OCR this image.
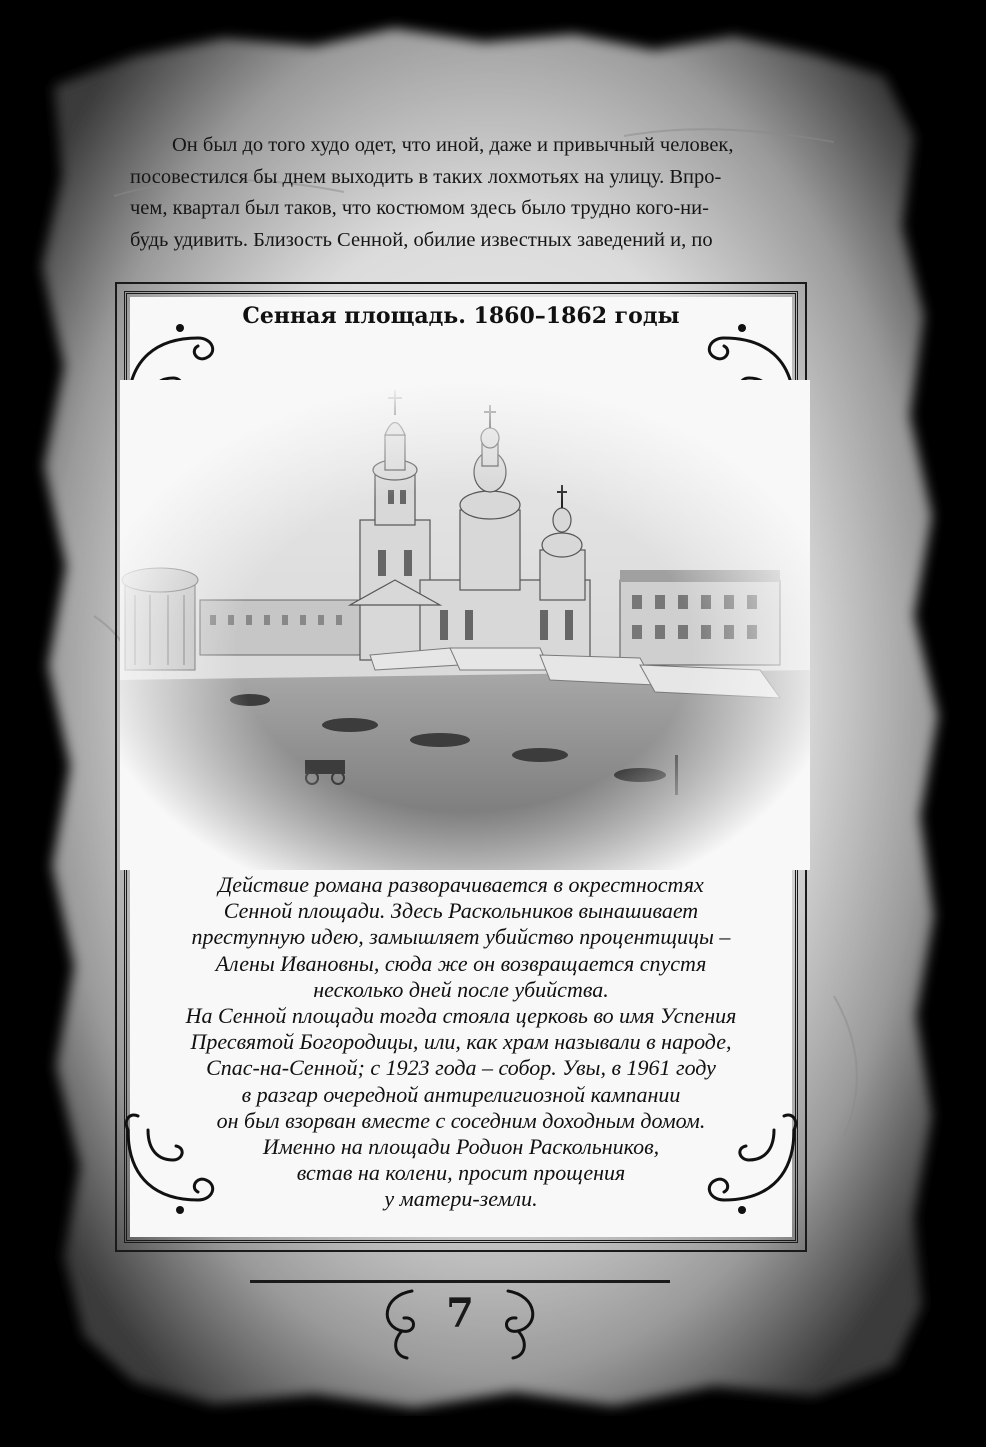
Он был до того худо одет, что иной, даже и привычный человек,

посовестился бы днем выходить в таких лохмотьях на улицу. Впро-

чем, квартал был таков, что костюмом здесь было трудно кого-ни-

будь удивить. Близость Сенной, обилие известных заведений и, по

Сенная площадь. 1860–1862 годы
Действие романа разворачивается в окрестностях
Сенной площади. Здесь Раскольников вынашивает
преступную идею, замышляет убийство процентщицы –
Алены Ивановны, сюда же он возвращается спустя
несколько дней после убийства.
На Сенной площади тогда стояла церковь во имя Успения
Пресвятой Богородицы, или, как храм называли в народе,
Спас-на-Сенной; с 1923 года – собор. Увы, в 1961 году
в разгар очередной антирелигиозной кампании
он был взорван вместе с соседним доходным домом.
Именно на площади Родион Раскольников,
встав на колени, просит прощения
у матери-земли.
7
